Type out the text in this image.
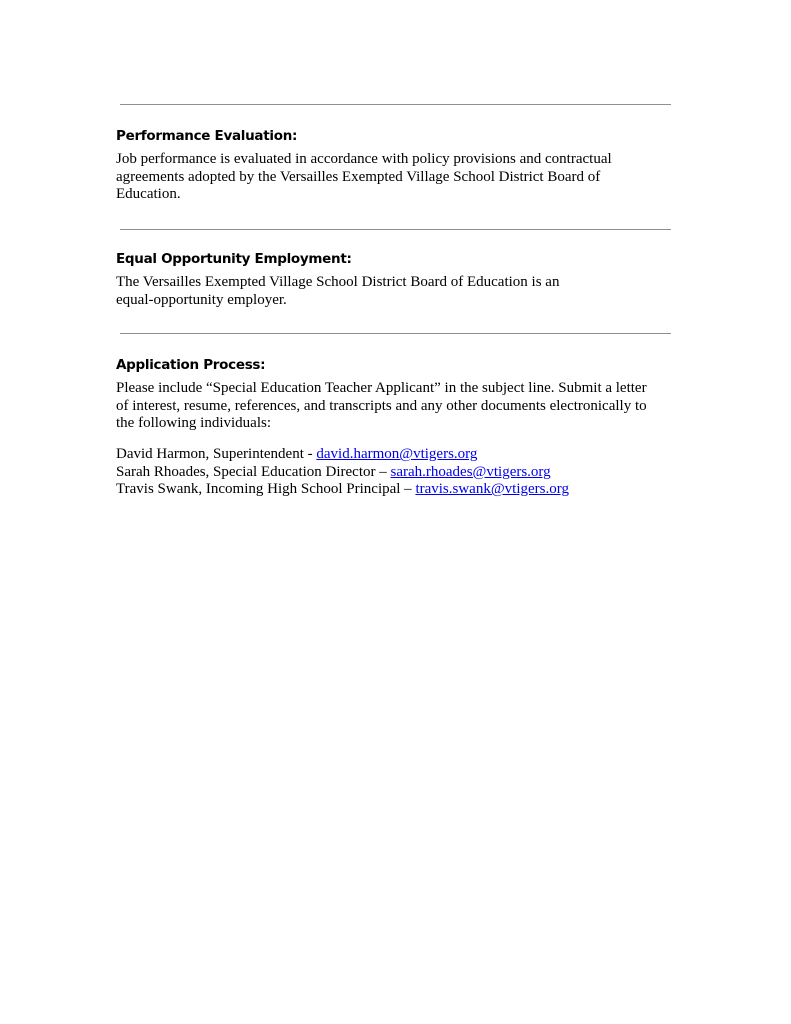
Performance Evaluation:

Job performance is evaluated in accordance with policy provisions and contractual
agreements adopted by the Versailles Exempted Village School District Board of
Education.

Equal Opportunity Employment:

The Versailles Exempted Village School District Board of Education is an
equal-opportunity employer.

Application Process:

Please include “Special Education Teacher Applicant” in the subject line. Submit a letter
of interest, resume, references, and transcripts and any other documents electronically to
the following individuals:

David Harmon, Superintendent - david.harmon@vtigers.org
Sarah Rhoades, Special Education Director – sarah.rhoades@vtigers.org
Travis Swank, Incoming High School Principal – travis.swank@vtigers.org
